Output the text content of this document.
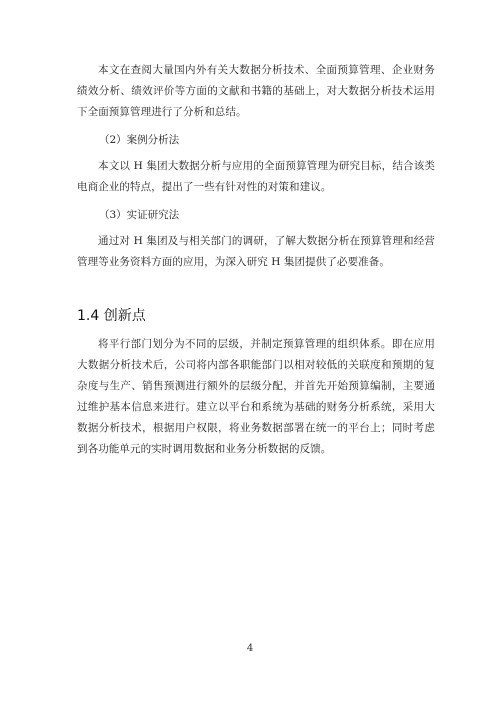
本文在查阅大量国内外有关大数据分析技术、全面预算管理、企业财务绩效分析、绩效评价等方面的文献和书籍的基础上，对大数据分析技术运用下全面预算管理进行了分析和总结。

（2）案例分析法

本文以 H 集团大数据分析与应用的全面预算管理为研究目标，结合该类电商企业的特点，提出了一些有针对性的对策和建议。

（3）实证研究法

通过对 H 集团及与相关部门的调研，了解大数据分析在预算管理和经营管理等业务资料方面的应用，为深入研究 H 集团提供了必要准备。

1.4 创新点

将平行部门划分为不同的层级，并制定预算管理的组织体系。即在应用大数据分析技术后，公司将内部各职能部门以相对较低的关联度和预期的复杂度与生产、销售预测进行额外的层级分配，并首先开始预算编制，主要通过维护基本信息来进行。建立以平台和系统为基础的财务分析系统，采用大数据分析技术，根据用户权限，将业务数据部署在统一的平台上；同时考虑到各功能单元的实时调用数据和业务分析数据的反馈。

4
